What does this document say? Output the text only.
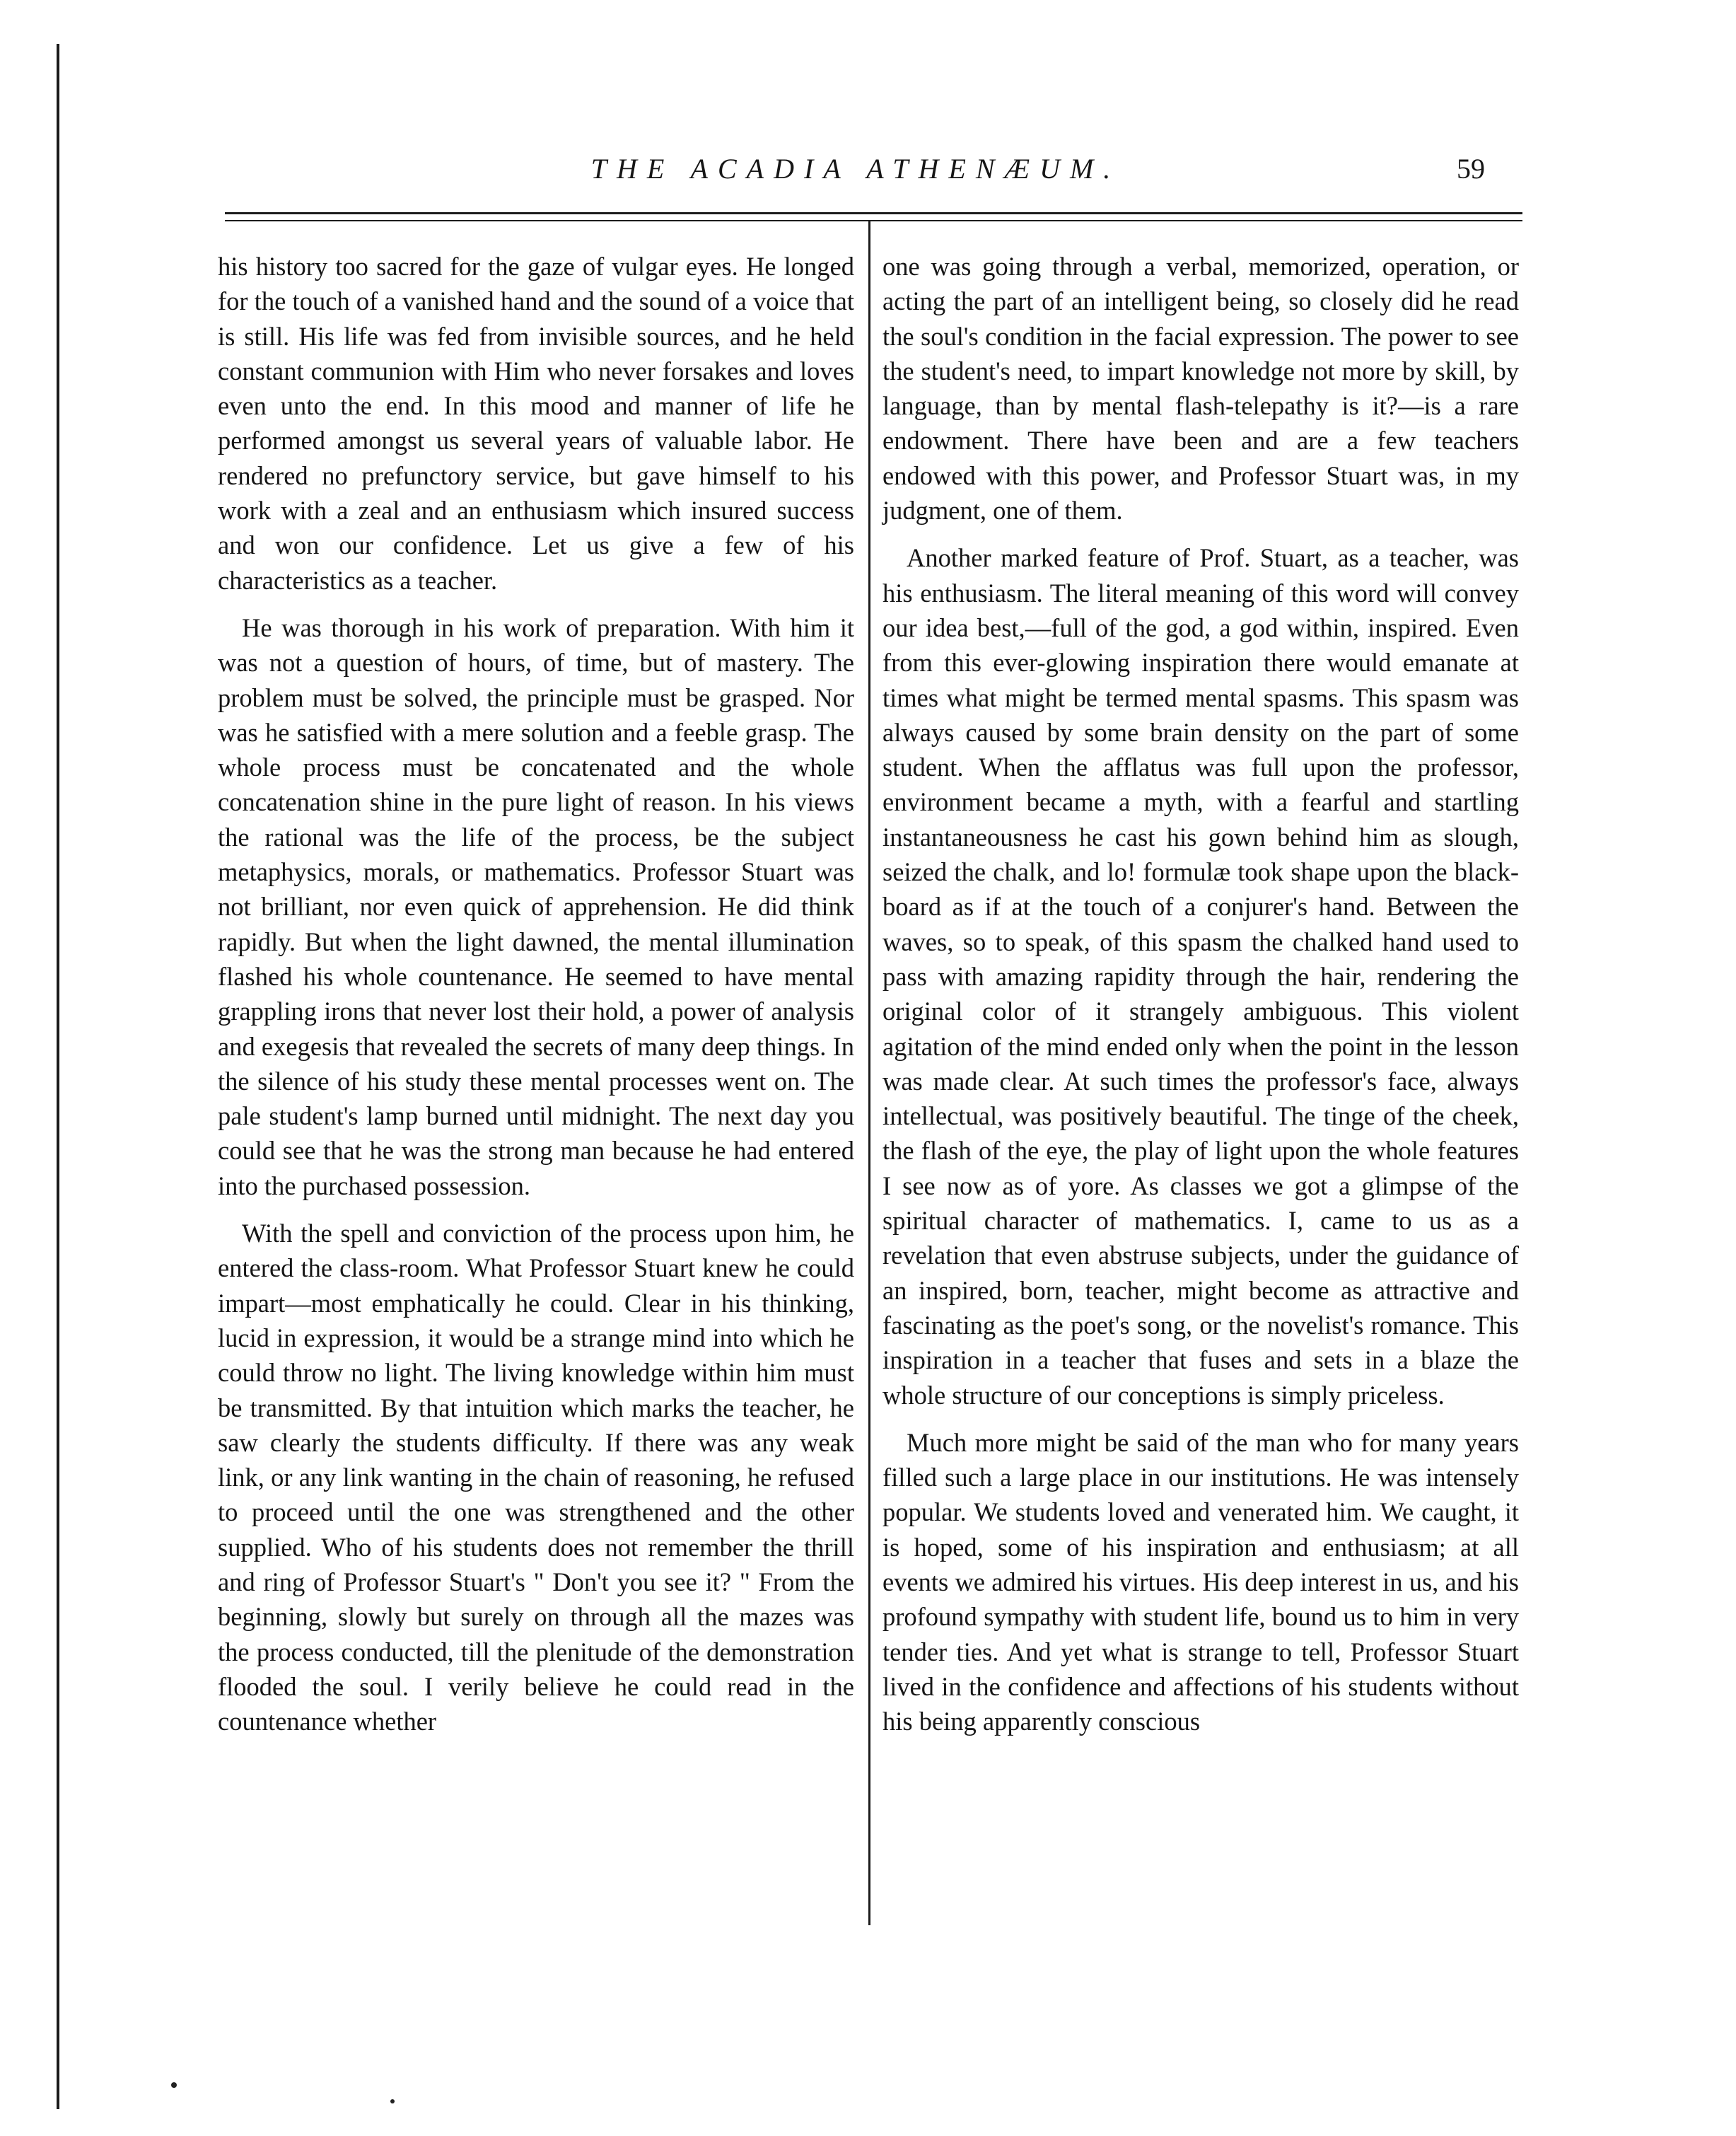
THE ACADIA ATHENÆUM.	59

his history too sacred for the gaze of vulgar eyes. He longed for the touch of a vanished hand and the sound of a voice that is still. His life was fed from invisible sources, and he held constant communion with Him who never forsakes and loves even unto the end. In this mood and manner of life he performed amongst us several years of valuable labor. He rendered no prefunctory service, but gave himself to his work with a zeal and an enthusiasm which insured success and won our confidence. Let us give a few of his characteristics as a teacher.

He was thorough in his work of preparation. With him it was not a question of hours, of time, but of mastery. The problem must be solved, the principle must be grasped. Nor was he satisfied with a mere solution and a feeble grasp. The whole process must be concatenated and the whole concatenation shine in the pure light of reason. In his views the rational was the life of the process, be the subject metaphysics, morals, or mathematics. Professor Stuart was not brilliant, nor even quick of apprehension. He did think rapidly. But when the light dawned, the mental illumination flashed his whole countenance. He seemed to have mental grappling irons that never lost their hold, a power of analysis and exegesis that revealed the secrets of many deep things. In the silence of his study these mental processes went on. The pale student's lamp burned until midnight. The next day you could see that he was the strong man because he had entered into the purchased possession.

With the spell and conviction of the process upon him, he entered the class-room. What Professor Stuart knew he could impart—most emphatically he could. Clear in his thinking, lucid in expression, it would be a strange mind into which he could throw no light. The living knowledge within him must be transmitted. By that intuition which marks the teacher, he saw clearly the students difficulty. If there was any weak link, or any link wanting in the chain of reasoning, he refused to proceed until the one was strengthened and the other supplied. Who of his students does not remember the thrill and ring of Professor Stuart's " Don't you see it? " From the beginning, slowly but surely on through all the mazes was the process conducted, till the plenitude of the demonstration flooded the soul. I verily believe he could read in the countenance whether

one was going through a verbal, memorized, operation, or acting the part of an intelligent being, so closely did he read the soul's condition in the facial expression. The power to see the student's need, to impart knowledge not more by skill, by language, than by mental flash-telepathy is it?—is a rare endowment. There have been and are a few teachers endowed with this power, and Professor Stuart was, in my judgment, one of them.

Another marked feature of Prof. Stuart, as a teacher, was his enthusiasm. The literal meaning of this word will convey our idea best,—full of the god, a god within, inspired. Even from this ever-glowing inspiration there would emanate at times what might be termed mental spasms. This spasm was always caused by some brain density on the part of some student. When the afflatus was full upon the professor, environment became a myth, with a fearful and startling instantaneousness he cast his gown behind him as slough, seized the chalk, and lo! formulæ took shape upon the black-board as if at the touch of a conjurer's hand. Between the waves, so to speak, of this spasm the chalked hand used to pass with amazing rapidity through the hair, rendering the original color of it strangely ambiguous. This violent agitation of the mind ended only when the point in the lesson was made clear. At such times the professor's face, always intellectual, was positively beautiful. The tinge of the cheek, the flash of the eye, the play of light upon the whole features I see now as of yore. As classes we got a glimpse of the spiritual character of mathematics. I, came to us as a revelation that even abstruse subjects, under the guidance of an inspired, born, teacher, might become as attractive and fascinating as the poet's song, or the novelist's romance. This inspiration in a teacher that fuses and sets in a blaze the whole structure of our conceptions is simply priceless.

Much more might be said of the man who for many years filled such a large place in our institutions. He was intensely popular. We students loved and venerated him. We caught, it is hoped, some of his inspiration and enthusiasm; at all events we admired his virtues. His deep interest in us, and his profound sympathy with student life, bound us to him in very tender ties. And yet what is strange to tell, Professor Stuart lived in the confidence and affections of his students without his being apparently conscious
